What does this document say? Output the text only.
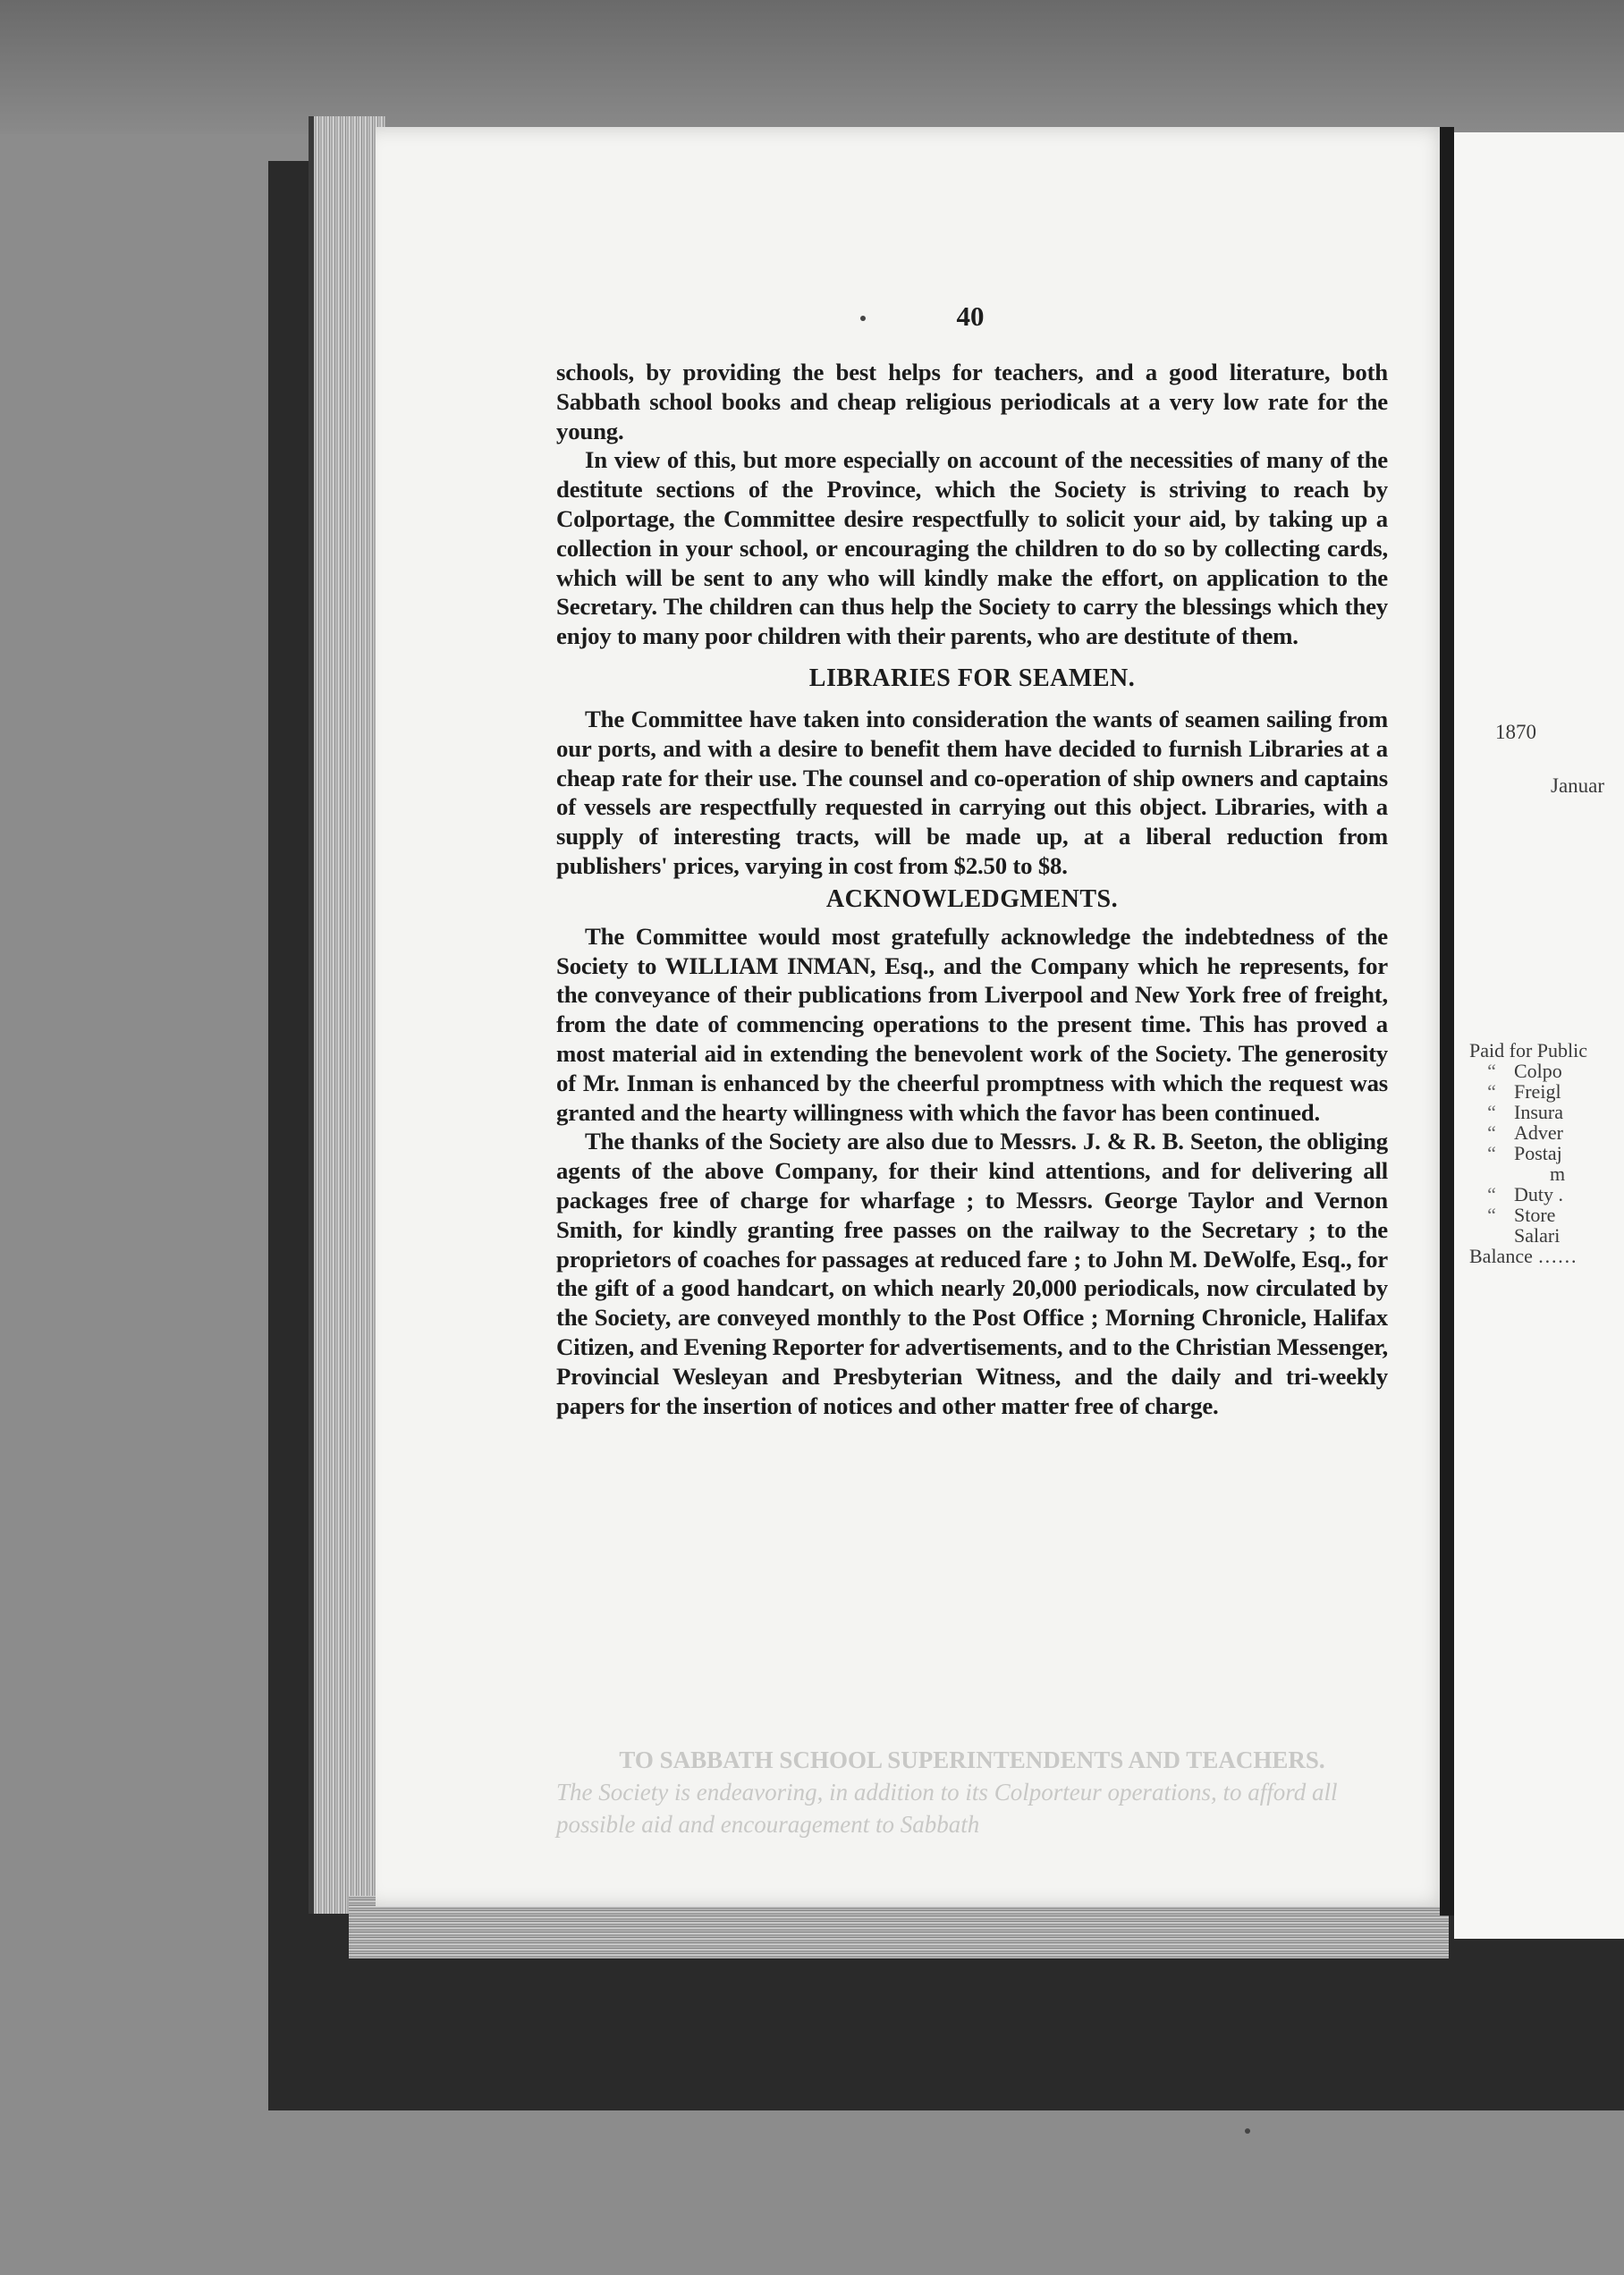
40

schools, by providing the best helps for teachers, and a good literature, both Sabbath school books and cheap religious periodicals at a very low rate for the young.

In view of this, but more especially on account of the necessities of many of the destitute sections of the Province, which the Society is striving to reach by Colportage, the Committee desire respectfully to solicit your aid, by taking up a collection in your school, or encouraging the children to do so by collecting cards, which will be sent to any who will kindly make the effort, on application to the Secretary. The children can thus help the Society to carry the blessings which they enjoy to many poor children with their parents, who are destitute of them.

LIBRARIES FOR SEAMEN.

The Committee have taken into consideration the wants of seamen sailing from our ports, and with a desire to benefit them have decided to furnish Libraries at a cheap rate for their use. The counsel and co-operation of ship owners and captains of vessels are respectfully requested in carrying out this object. Libraries, with a supply of interesting tracts, will be made up, at a liberal reduction from publishers' prices, varying in cost from $2.50 to $8.

ACKNOWLEDGMENTS.

The Committee would most gratefully acknowledge the indebtedness of the Society to WILLIAM INMAN, Esq., and the Company which he represents, for the conveyance of their publications from Liverpool and New York free of freight, from the date of commencing operations to the present time. This has proved a most material aid in extending the benevolent work of the Society. The generosity of Mr. Inman is enhanced by the cheerful promptness with which the request was granted and the hearty willingness with which the favor has been continued.

The thanks of the Society are also due to Messrs. J. & R. B. Seeton, the obliging agents of the above Company, for their kind attentions, and for delivering all packages free of charge for wharfage ; to Messrs. George Taylor and Vernon Smith, for kindly granting free passes on the railway to the Secretary ; to the proprietors of coaches for passages at reduced fare ; to John M. DeWolfe, Esq., for the gift of a good handcart, on which nearly 20,000 periodicals, now circulated by the Society, are conveyed monthly to the Post Office ; Morning Chronicle, Halifax Citizen, and Evening Reporter for advertisements, and to the Christian Messenger, Provincial Wesleyan and Presbyterian Witness, and the daily and tri-weekly papers for the insertion of notices and other matter free of charge.

TO SABBATH SCHOOL SUPERINTENDENTS AND TEACHERS.

The Society is endeavoring, in addition to its Colporteur operations, to afford all possible aid and encouragement to Sabbath

1870
Januar
Paid for Public
“ Colpo
“ Freigl
“ Insura
“ Adver
“ Postaj
m
“ Duty .
“ Store
Salari
Balance ……
